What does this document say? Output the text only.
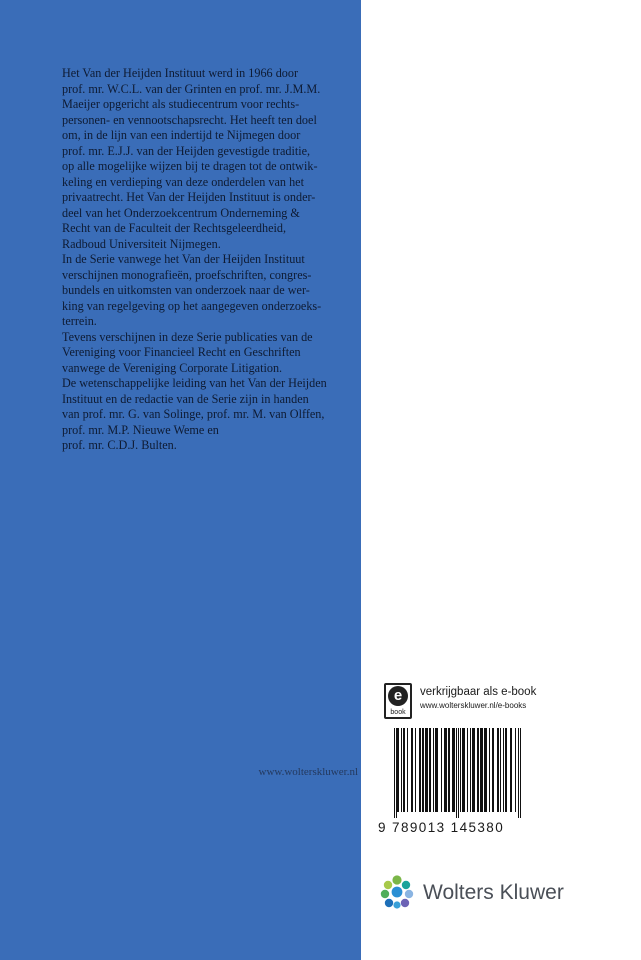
Het Van der Heijden Instituut werd in 1966 door
prof. mr. W.C.L. van der Grinten en prof. mr. J.M.M.
Maeijer opgericht als studiecentrum voor rechts-
personen- en vennootschapsrecht. Het heeft ten doel
om, in de lijn van een indertijd te Nijmegen door
prof. mr. E.J.J. van der Heijden gevestigde traditie,
op alle mogelijke wijzen bij te dragen tot de ontwik-
keling en verdieping van deze onderdelen van het
privaatrecht. Het Van der Heijden Instituut is onder-
deel van het Onderzoekcentrum Onderneming &
Recht van de Faculteit der Rechtsgeleerdheid,
Radboud Universiteit Nijmegen.
In de Serie vanwege het Van der Heijden Instituut
verschijnen monografieën, proefschriften, congres-
bundels en uitkomsten van onderzoek naar de wer-
king van regelgeving op het aangegeven onderzoeks-
terrein.
Tevens verschijnen in deze Serie publicaties van de
Vereniging voor Financieel Recht en Geschriften
vanwege de Vereniging Corporate Litigation.
De wetenschappelijke leiding van het Van der Heijden
Instituut en de redactie van de Serie zijn in handen
van prof. mr. G. van Solinge, prof. mr. M. van Olffen,
prof. mr. M.P. Nieuwe Weme en
prof. mr. C.D.J. Bulten.
www.wolterskluwer.nl
e
book
verkrijgbaar als e-book
www.wolterskluwer.nl/e-books
9 789013 145380
Wolters Kluwer
